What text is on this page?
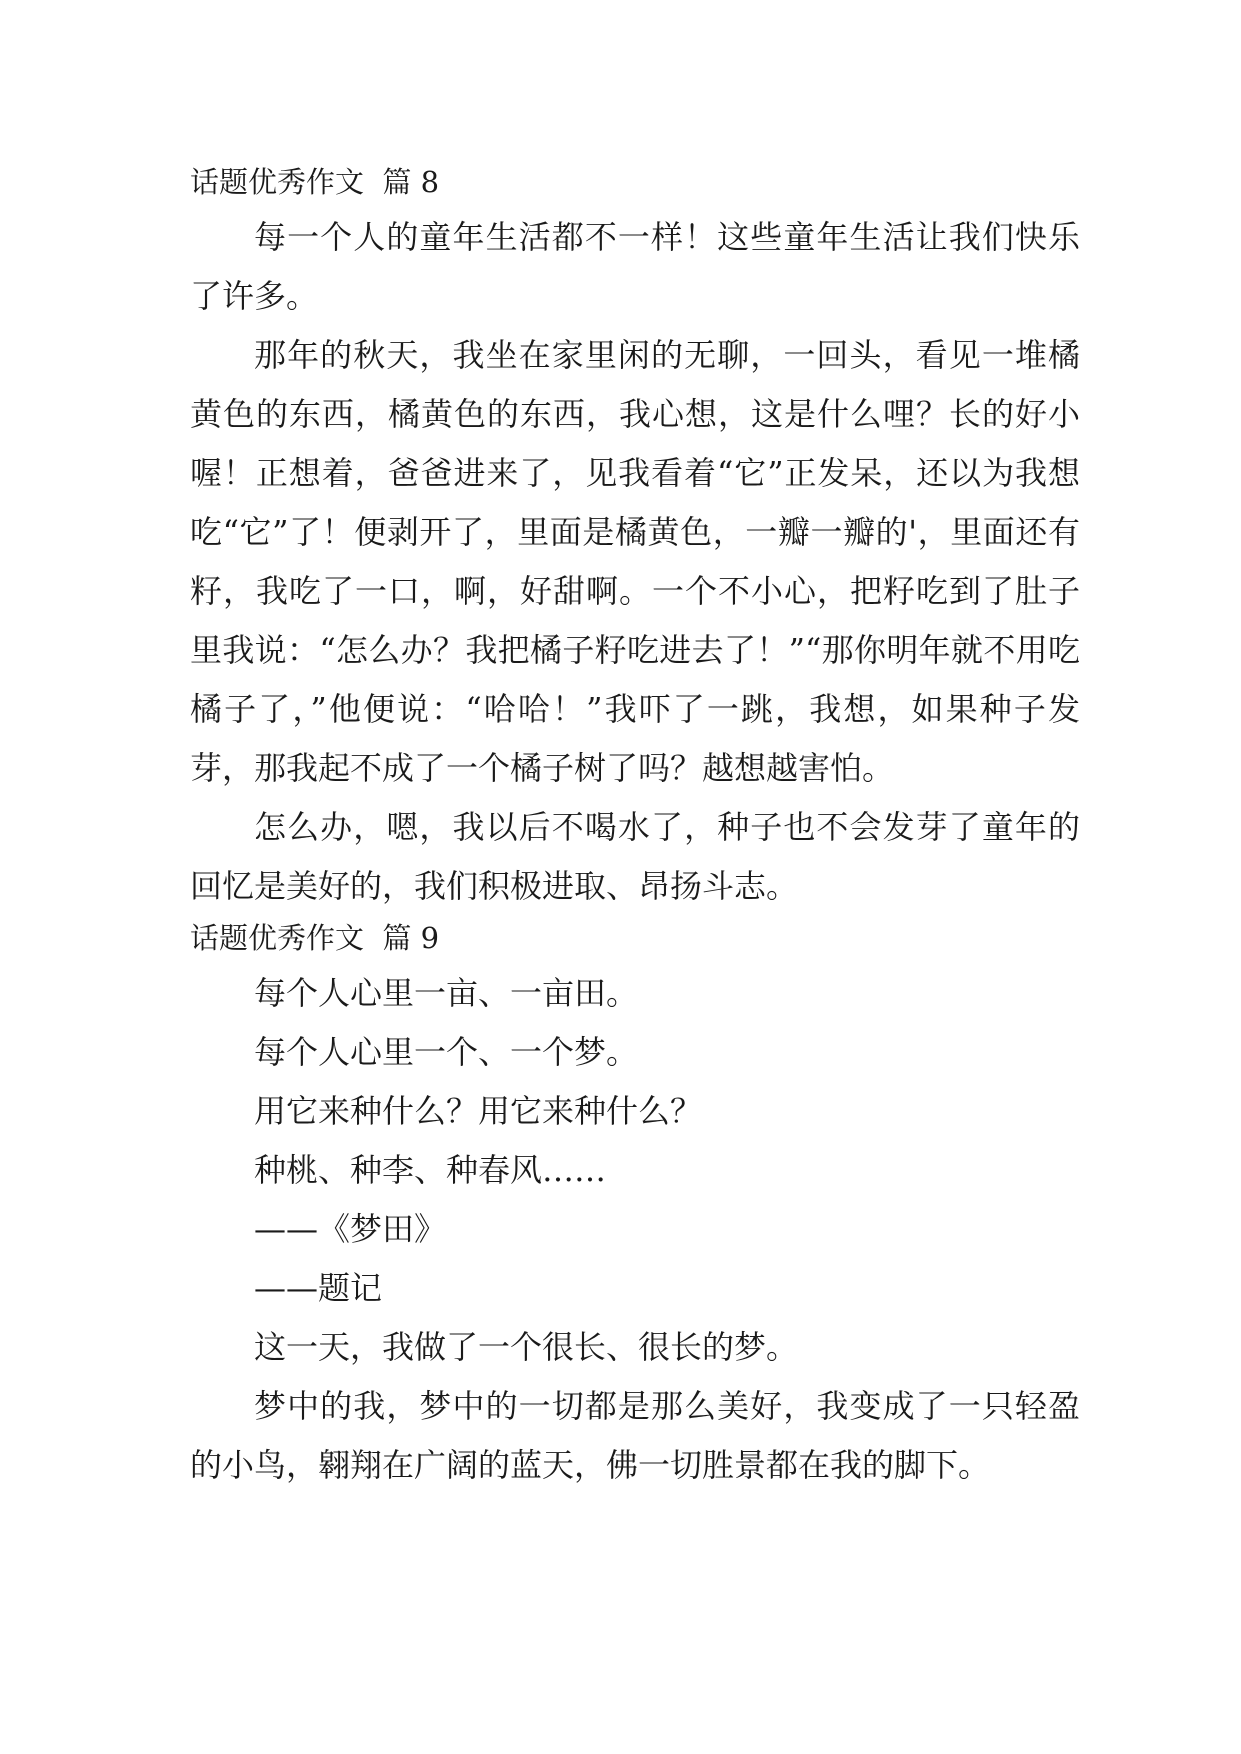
话题优秀作文  篇 8

每一个人的童年生活都不一样！这些童年生活让我们快乐了许多。

那年的秋天，我坐在家里闲的无聊，一回头，看见一堆橘黄色的东西，橘黄色的东西，我心想，这是什么哩？长的好小喔！正想着，爸爸进来了，见我看着“它”正发呆，还以为我想吃“它”了！便剥开了，里面是橘黄色，一瓣一瓣的'，里面还有籽，我吃了一口，啊，好甜啊。一个不小心，把籽吃到了肚子里我说：“怎么办？我把橘子籽吃进去了！”“那你明年就不用吃橘子了，”他便说：“哈哈！”我吓了一跳，我想，如果种子发芽，那我起不成了一个橘子树了吗？越想越害怕。

怎么办，嗯，我以后不喝水了，种子也不会发芽了童年的回忆是美好的，我们积极进取、昂扬斗志。

话题优秀作文  篇 9

每个人心里一亩、一亩田。

每个人心里一个、一个梦。

用它来种什么？用它来种什么？

种桃、种李、种春风……

——《梦田》

——题记

这一天，我做了一个很长、很长的梦。

梦中的我，梦中的一切都是那么美好，我变成了一只轻盈的小鸟，翱翔在广阔的蓝天，佛一切胜景都在我的脚下。
